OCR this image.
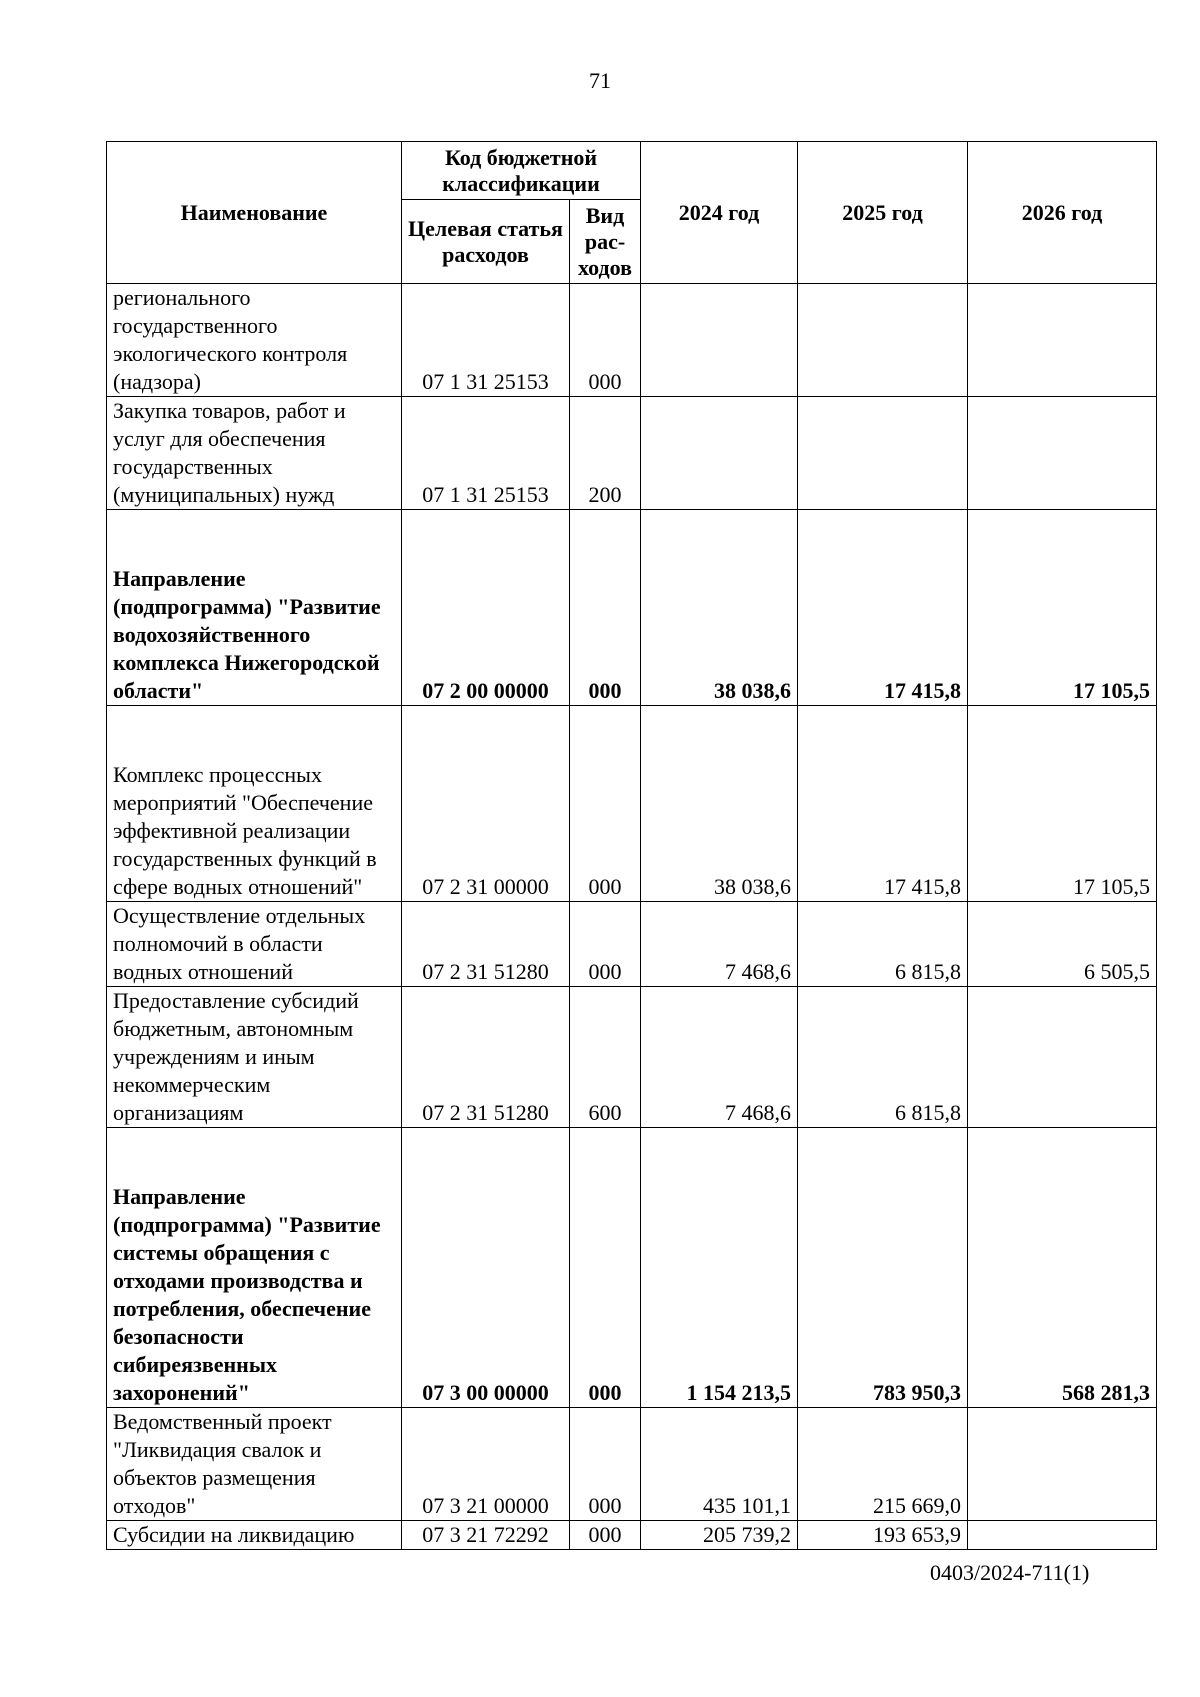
71
Наименование	Код бюджетной классификации		2024 год	2025 год	2026 год
	Целевая статья расходов	Вид рас-ходов			
регионального государственного экологического контроля (надзора)	07 1 31 25153	000			
Закупка товаров, работ и услуг для обеспечения государственных (муниципальных) нужд	07 1 31 25153	200			
Направление (подпрограмма) "Развитие водохозяйственного комплекса Нижегородской области"	07 2 00 00000	000	38 038,6	17 415,8	17 105,5
Комплекс процессных мероприятий "Обеспечение эффективной реализации государственных функций в сфере водных отношений"	07 2 31 00000	000	38 038,6	17 415,8	17 105,5
Осуществление отдельных полномочий в области водных отношений	07 2 31 51280	000	7 468,6	6 815,8	6 505,5
Предоставление субсидий бюджетным, автономным учреждениям и иным некоммерческим организациям	07 2 31 51280	600	7 468,6	6 815,8	
Направление (подпрограмма) "Развитие системы обращения с отходами производства и потребления, обеспечение безопасности сибиреязвенных захоронений"	07 3 00 00000	000	1 154 213,5	783 950,3	568 281,3
Ведомственный проект "Ликвидация свалок и объектов размещения отходов"	07 3 21 00000	000	435 101,1	215 669,0	
Субсидии на ликвидацию	07 3 21 72292	000	205 739,2	193 653,9	
0403/2024-711(1)
